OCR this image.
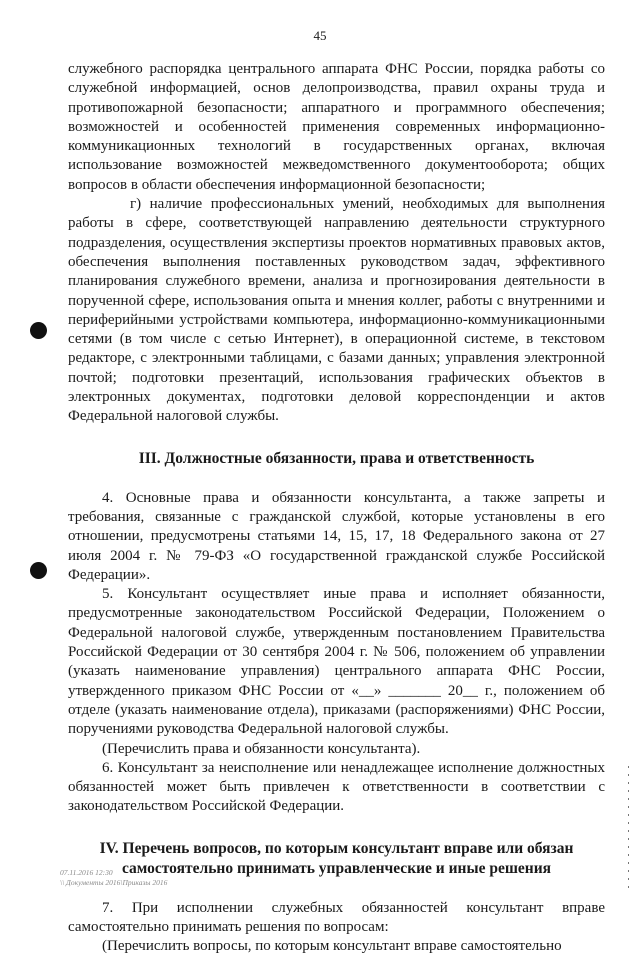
45

служебного распорядка центрального аппарата ФНС России, порядка работы со служебной информацией, основ делопроизводства, правил охраны труда и противопожарной безопасности; аппаратного и программного обеспечения; возможностей и особенностей применения современных информационно-коммуникационных технологий в государственных органах, включая использование возможностей межведомственного документооборота; общих вопросов в области обеспечения информационной безопасности;

г) наличие профессиональных умений, необходимых для выполнения работы в сфере, соответствующей направлению деятельности структурного подразделения, осуществления экспертизы проектов нормативных правовых актов, обеспечения выполнения поставленных руководством задач, эффективного планирования служебного времени, анализа и прогнозирования деятельности в порученной сфере, использования опыта и мнения коллег, работы с внутренними и периферийными устройствами компьютера, информационно-коммуникационными сетями (в том числе с сетью Интернет), в операционной системе, в текстовом редакторе, с электронными таблицами, с базами данных; управления электронной почтой; подготовки презентаций, использования графических объектов в электронных документах, подготовки деловой корреспонденции и актов Федеральной налоговой службы.

III. Должностные обязанности, права и ответственность

4. Основные права и обязанности консультанта, а также запреты и требования, связанные с гражданской службой, которые установлены в его отношении, предусмотрены статьями 14, 15, 17, 18 Федерального закона от 27 июля 2004 г. № 79-ФЗ «О государственной гражданской службе Российской Федерации».

5. Консультант осуществляет иные права и исполняет обязанности, предусмотренные законодательством Российской Федерации, Положением о Федеральной налоговой службе, утвержденным постановлением Правительства Российской Федерации от 30 сентября 2004 г. № 506, положением об управлении (указать наименование управления) центрального аппарата ФНС России, утвержденного приказом ФНС России от «__» _______ 20__ г., положением об отделе (указать наименование отдела), приказами (распоряжениями) ФНС России, поручениями руководства Федеральной налоговой службы.

(Перечислить права и обязанности консультанта).

6. Консультант за неисполнение или ненадлежащее исполнение должностных обязанностей может быть привлечен к ответственности в соответствии с законодательством Российской Федерации.

IV. Перечень вопросов, по которым консультант вправе или обязан
самостоятельно принимать управленческие и иные решения

7. При исполнении служебных обязанностей консультант вправе самостоятельно принимать решения по вопросам:

(Перечислить вопросы, по которым консультант вправе самостоятельно

07.11.2016 12:30
\\ Документы 2016\Приказы 2016
